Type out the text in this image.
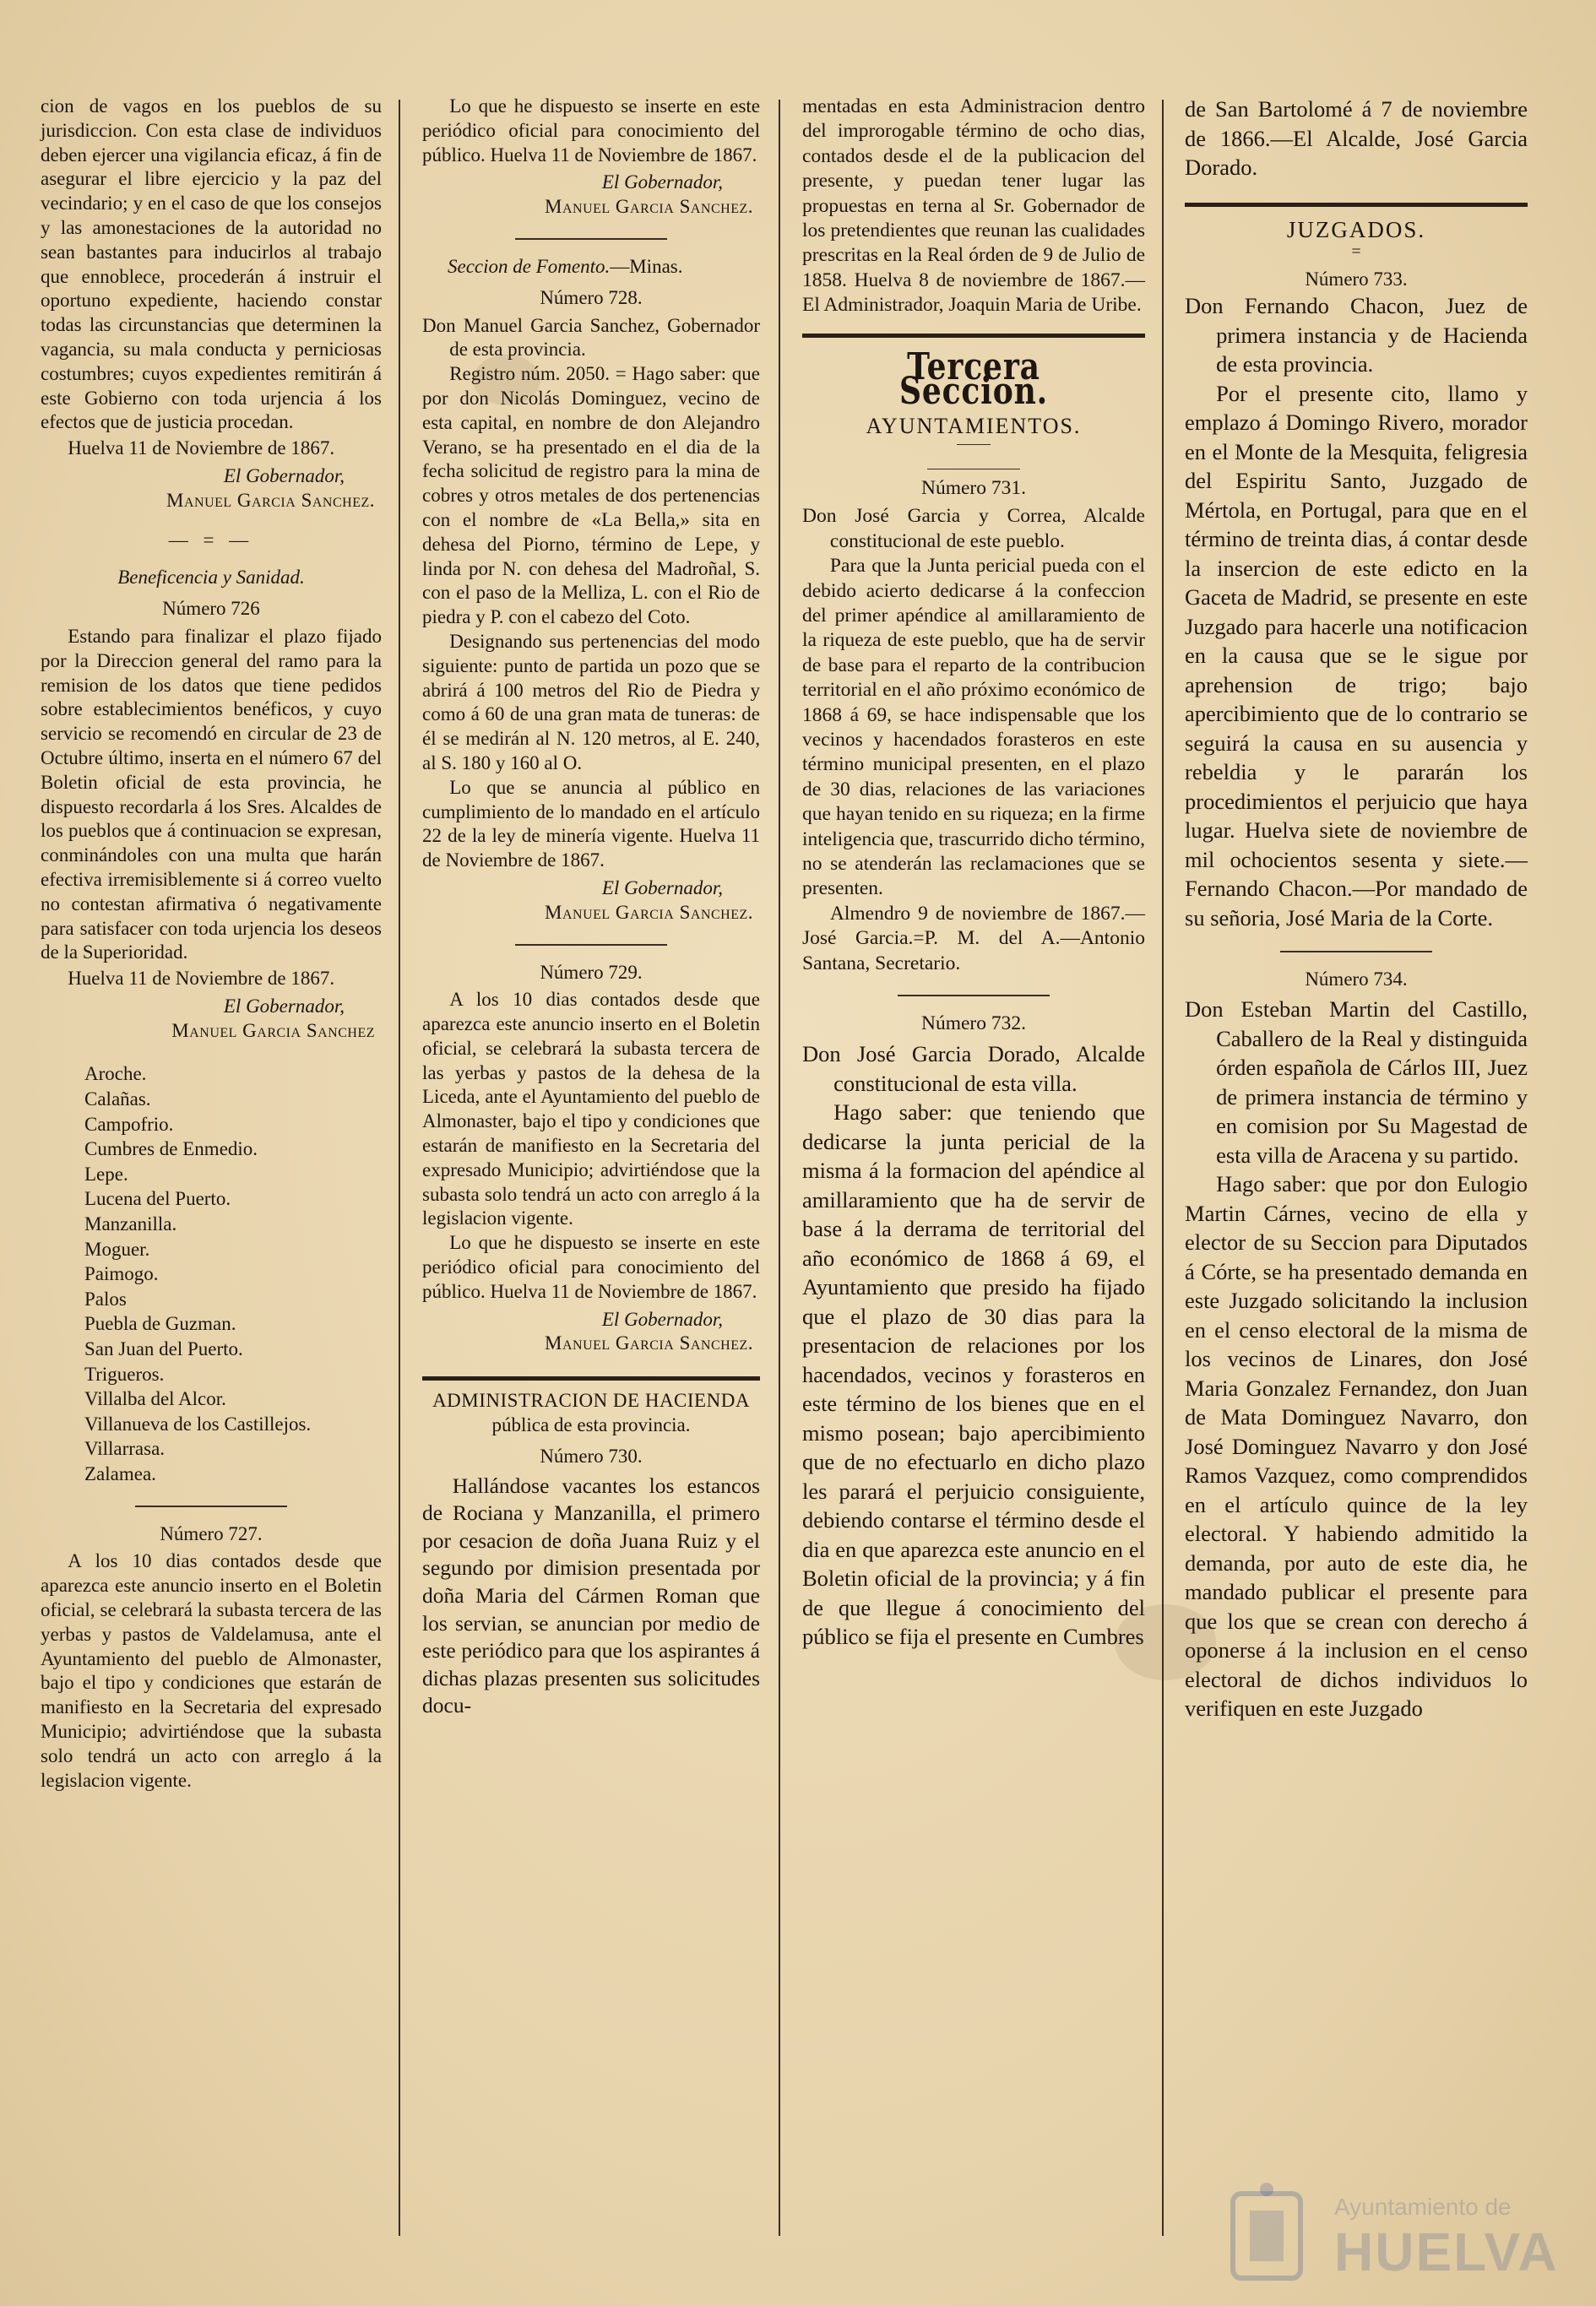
cion de vagos en los pueblos de su jurisdiccion. Con esta clase de individuos deben ejercer una vigilancia eficaz, á fin de asegurar el libre ejercicio y la paz del vecindario; y en el caso de que los consejos y las amonestaciones de la autoridad no sean bastantes para inducirlos al trabajo que ennoblece, procederán á instruir el oportuno expediente, haciendo constar todas las circunstancias que determinen la vagancia, su mala conducta y perniciosas costumbres; cuyos expedientes remitirán á este Gobierno con toda urjencia á los efectos que de justicia procedan.

Huelva 11 de Noviembre de 1867.

El Gobernador,
Manuel Garcia Sanchez.
— = —
Beneficencia y Sanidad.
Número 726

Estando para finalizar el plazo fijado por la Direccion general del ramo para la remision de los datos que tiene pedidos sobre establecimientos benéficos, y cuyo servicio se recomendó en circular de 23 de Octubre último, inserta en el número 67 del Boletin oficial de esta provincia, he dispuesto recordarla á los Sres. Alcaldes de los pueblos que á continuacion se expresan, conminándoles con una multa que harán efectiva irremisiblemente si á correo vuelto no contestan afirmativa ó negativamente para satisfacer con toda urjencia los deseos de la Superioridad.

Huelva 11 de Noviembre de 1867.

El Gobernador,
Manuel Garcia Sanchez
Aroche.
Calañas.
Campofrio.
Cumbres de Enmedio.
Lepe.
Lucena del Puerto.
Manzanilla.
Moguer.
Paimogo.
Palos
Puebla de Guzman.
San Juan del Puerto.
Trigueros.
Villalba del Alcor.
Villanueva de los Castillejos.
Villarrasa.
Zalamea.
Número 727.

A los 10 dias contados desde que aparezca este anuncio inserto en el Boletin oficial, se celebrará la subasta tercera de las yerbas y pastos de Valdelamusa, ante el Ayuntamiento del pueblo de Almonaster, bajo el tipo y condiciones que estarán de manifiesto en la Secretaria del expresado Municipio; advirtiéndose que la subasta solo tendrá un acto con arreglo á la legislacion vigente.

Lo que he dispuesto se inserte en este periódico oficial para conocimiento del público. Huelva 11 de Noviembre de 1867.

El Gobernador,
Manuel Garcia Sanchez.
Seccion de Fomento.—Minas.
Número 728.

Don Manuel Garcia Sanchez, Gobernador de esta provincia.

Registro núm. 2050. = Hago saber: que por don Nicolás Dominguez, vecino de esta capital, en nombre de don Alejandro Verano, se ha presentado en el dia de la fecha solicitud de registro para la mina de cobres y otros metales de dos pertenencias con el nombre de «La Bella,» sita en dehesa del Piorno, término de Lepe, y linda por N. con dehesa del Madroñal, S. con el paso de la Melliza, L. con el Rio de piedra y P. con el cabezo del Coto.

Designando sus pertenencias del modo siguiente: punto de partida un pozo que se abrirá á 100 metros del Rio de Piedra y como á 60 de una gran mata de tuneras: de él se medirán al N. 120 metros, al E. 240, al S. 180 y 160 al O.

Lo que se anuncia al público en cumplimiento de lo mandado en el artículo 22 de la ley de minería vigente. Huelva 11 de Noviembre de 1867.

El Gobernador,
Manuel Garcia Sanchez.
Número 729.

A los 10 dias contados desde que aparezca este anuncio inserto en el Boletin oficial, se celebrará la subasta tercera de las yerbas y pastos de la dehesa de la Liceda, ante el Ayuntamiento del pueblo de Almonaster, bajo el tipo y condiciones que estarán de manifiesto en la Secretaria del expresado Municipio; advirtiéndose que la subasta solo tendrá un acto con arreglo á la legislacion vigente.

Lo que he dispuesto se inserte en este periódico oficial para conocimiento del público. Huelva 11 de Noviembre de 1867.

El Gobernador,
Manuel Garcia Sanchez.
ADMINISTRACION DE HACIENDA
pública de esta provincia.
Número 730.

Hallándose vacantes los estancos de Rociana y Manzanilla, el primero por cesacion de doña Juana Ruiz y el segundo por dimision presentada por doña Maria del Cármen Roman que los servian, se anuncian por medio de este periódico para que los aspirantes á dichas plazas presenten sus solicitudes docu-

mentadas en esta Administracion dentro del improrogable término de ocho dias, contados desde el de la publicacion del presente, y puedan tener lugar las propuestas en terna al Sr. Gobernador de los pretendientes que reunan las cualidades prescritas en la Real órden de 9 de Julio de 1858. Huelva 8 de noviembre de 1867.—El Administrador, Joaquin Maria de Uribe.

Tercera Seccion.
AYUNTAMIENTOS.
Número 731.

Don José Garcia y Correa, Alcalde constitucional de este pueblo.

Para que la Junta pericial pueda con el debido acierto dedicarse á la confeccion del primer apéndice al amillaramiento de la riqueza de este pueblo, que ha de servir de base para el reparto de la contribucion territorial en el año próximo económico de 1868 á 69, se hace indispensable que los vecinos y hacendados forasteros en este término municipal presenten, en el plazo de 30 dias, relaciones de las variaciones que hayan tenido en su riqueza; en la firme inteligencia que, trascurrido dicho término, no se atenderán las reclamaciones que se presenten.

Almendro 9 de noviembre de 1867.—José Garcia.=P. M. del A.—Antonio Santana, Secretario.

Número 732.

Don José Garcia Dorado, Alcalde constitucional de esta villa.

Hago saber: que teniendo que dedicarse la junta pericial de la misma á la formacion del apéndice al amillaramiento que ha de servir de base á la derrama de territorial del año económico de 1868 á 69, el Ayuntamiento que presido ha fijado que el plazo de 30 dias para la presentacion de relaciones por los hacendados, vecinos y forasteros en este término de los bienes que en el mismo posean; bajo apercibimiento que de no efectuarlo en dicho plazo les parará el perjuicio consiguiente, debiendo contarse el término desde el dia en que aparezca este anuncio en el Boletin oficial de la provincia; y á fin de que llegue á conocimiento del público se fija el presente en Cumbres

de San Bartolomé á 7 de noviembre de 1866.—El Alcalde, José Garcia Dorado.

JUZGADOS.
=
Número 733.

Don Fernando Chacon, Juez de primera instancia y de Hacienda de esta provincia.

Por el presente cito, llamo y emplazo á Domingo Rivero, morador en el Monte de la Mesquita, feligresia del Espiritu Santo, Juzgado de Mértola, en Portugal, para que en el término de treinta dias, á contar desde la insercion de este edicto en la Gaceta de Madrid, se presente en este Juzgado para hacerle una notificacion en la causa que se le sigue por aprehension de trigo; bajo apercibimiento que de lo contrario se seguirá la causa en su ausencia y rebeldia y le pararán los procedimientos el perjuicio que haya lugar. Huelva siete de noviembre de mil ochocientos sesenta y siete.—Fernando Chacon.—Por mandado de su señoria, José Maria de la Corte.

Número 734.

Don Esteban Martin del Castillo, Caballero de la Real y distinguida órden española de Cárlos III, Juez de primera instancia de término y en comision por Su Magestad de esta villa de Aracena y su partido.

Hago saber: que por don Eulogio Martin Cárnes, vecino de ella y elector de su Seccion para Diputados á Córte, se ha presentado demanda en este Juzgado solicitando la inclusion en el censo electoral de la misma de los vecinos de Linares, don José Maria Gonzalez Fernandez, don Juan de Mata Dominguez Navarro, don José Dominguez Navarro y don José Ramos Vazquez, como comprendidos en el artículo quince de la ley electoral. Y habiendo admitido la demanda, por auto de este dia, he mandado publicar el presente para que los que se crean con derecho á oponerse á la inclusion en el censo electoral de dichos individuos lo verifiquen en este Juzgado

Ayuntamiento de
HUELVA
